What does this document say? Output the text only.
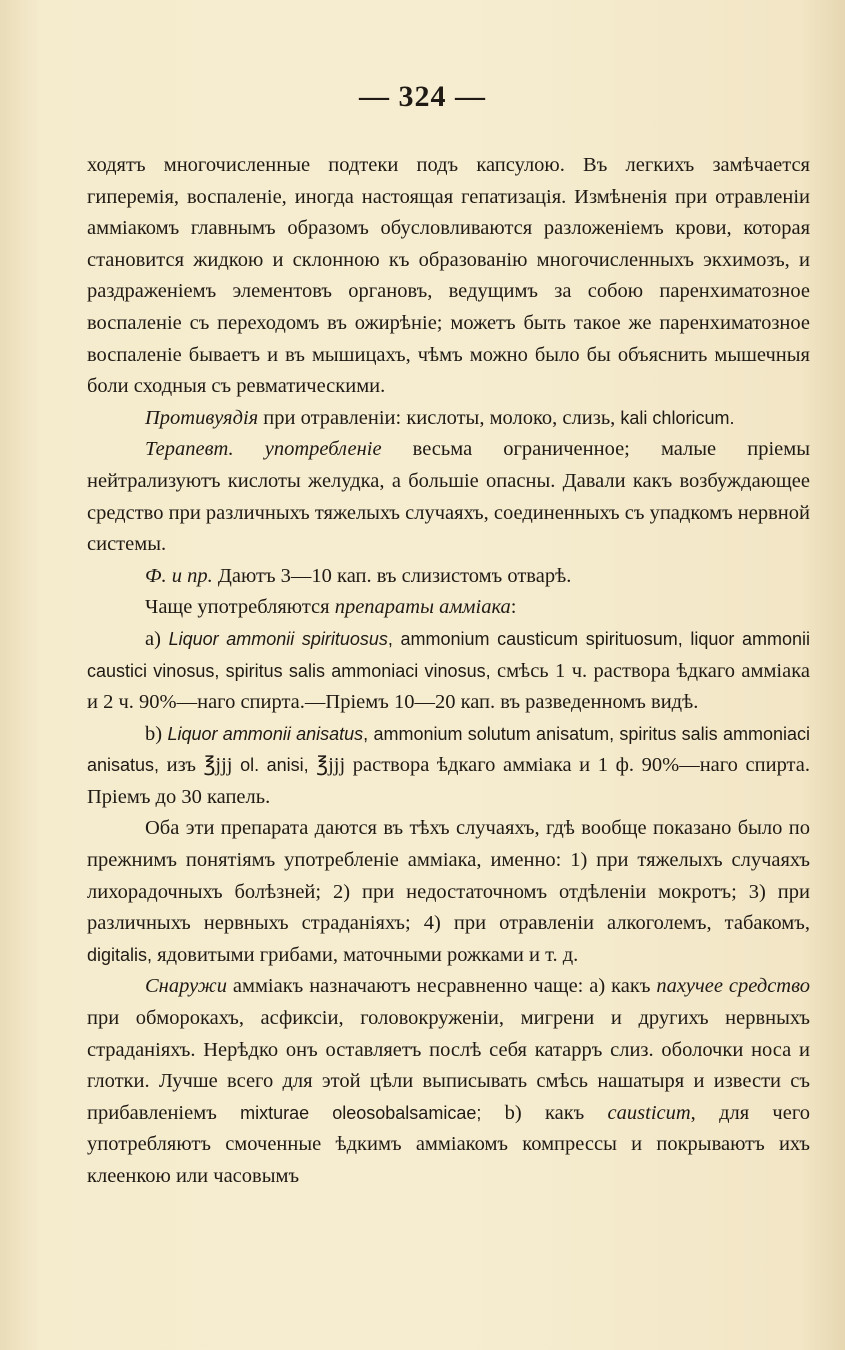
— 324 —

ходятъ многочисленные подтеки подъ капсулою. Въ легкихъ замѣчается гиперемія, воспаленіе, иногда настоящая гепатизація. Измѣненія при отравленіи амміакомъ главнымъ образомъ обусловливаются разложеніемъ крови, которая становится жидкою и склонною къ образованію многочисленныхъ экхимозъ, и раздраженіемъ элементовъ органовъ, ведущимъ за собою паренхиматозное воспаленіе съ переходомъ въ ожирѣніе; можетъ быть такое же паренхиматозное воспаленіе бываетъ и въ мышицахъ, чѣмъ можно было бы объяснить мышечныя боли сходныя съ ревматическими.

Противуядія при отравленіи: кислоты, молоко, слизь, kali chloricum.

Терапевт. употребленіе весьма ограниченное; малые пріемы нейтрализуютъ кислоты желудка, а большіе опасны. Давали какъ возбуждающее средство при различныхъ тяжелыхъ случаяхъ, соединенныхъ съ упадкомъ нервной системы.

Ф. и пр. Даютъ 3—10 кап. въ слизистомъ отварѣ.

Чаще употребляются препараты амміака:

а) Liquor ammonii spirituosus, ammonium causticum spirituosum, liquor ammonii causticі vinosus, spiritus salis ammoniaci vinosus, смѣсь 1 ч. раствора ѣдкаго амміака и 2 ч. 90%—наго спирта.—Пріемъ 10—20 кап. въ разведенномъ видѣ.

b) Liquor ammonii anisatus, ammonium solutum anisatum, spiritus salis ammoniaci anisatus, изъ ℥jjj ol. anisi, ℥jjj раствора ѣдкаго амміака и 1 ф. 90%—наго спирта. Пріемъ до 30 капель.

Оба эти препарата даются въ тѣхъ случаяхъ, гдѣ вообще показано было по прежнимъ понятіямъ употребленіе амміака, именно: 1) при тяжелыхъ случаяхъ лихорадочныхъ болѣзней; 2) при недостаточномъ отдѣленіи мокротъ; 3) при различныхъ нервныхъ страданіяхъ; 4) при отравленіи алкоголемъ, табакомъ, digitalis, ядовитыми грибами, маточными рожками и т. д.

Снаружи амміакъ назначаютъ несравненно чаще: а) какъ пахучее средство при обморокахъ, асфиксіи, головокруженіи, мигрени и другихъ нервныхъ страданіяхъ. Нерѣдко онъ оставляетъ послѣ себя катарръ слиз. оболочки носа и глотки. Лучше всего для этой цѣли выписывать смѣсь нашатыря и извести съ прибавленіемъ mixturae oleosobalsamicae; b) какъ causticum, для чего употребляютъ смоченные ѣдкимъ амміакомъ компрессы и покрываютъ ихъ клеенкою или часовымъ
